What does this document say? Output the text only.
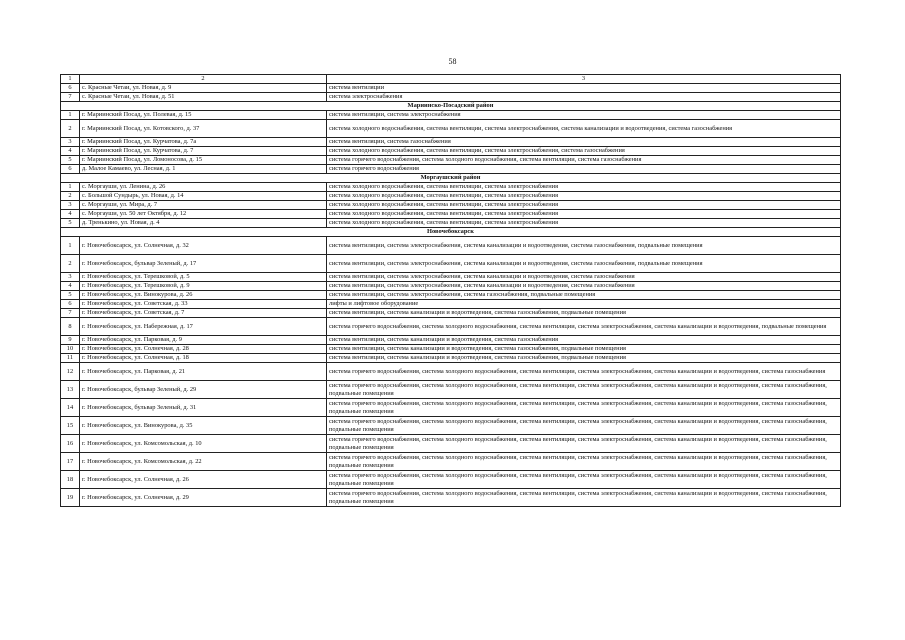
58
1	2	3
6	с. Красные Четаи, ул. Новая, д. 9	система вентиляции
7	с. Красные Четаи, ул. Новая, д. 51	система электроснабжения
Мариинско-Посадский район		
1	г. Мариинский Посад, ул. Полевая, д. 15	система вентиляции, система электроснабжения
2	г. Мариинский Посад, ул. Котовского, д. 37	система холодного водоснабжения, система вентиляции, система электроснабжения, система канализации и водоотведения, система газоснабжения
3	г. Мариинский Посад, ул. Курчатова, д. 7а	система вентиляции, система газоснабжения
4	г. Мариинский Посад, ул. Курчатова, д. 7	система холодного водоснабжения, система вентиляции, система электроснабжения, система газоснабжения
5	г. Мариинский Посад, ул. Ломоносова, д. 15	система горячего водоснабжения, система холодного водоснабжения, система вентиляции, система газоснабжения
6	д. Малое Камаево, ул. Лесная, д. 1	система горячего водоснабжения
Моргаушский район		
1	с. Моргауши, ул. Ленина, д. 26	система холодного водоснабжения, система вентиляции, система электроснабжения
2	с. Большой Сундырь, ул. Новая, д. 14	система холодного водоснабжения, система вентиляции, система электроснабжения
3	с. Моргауши, ул. Мира, д. 7	система холодного водоснабжения, система вентиляции, система электроснабжения
4	с. Моргауши, ул. 50 лет Октября, д. 12	система холодного водоснабжения, система вентиляции, система электроснабжения
5	д. Тренькино, ул. Новая, д. 4	система холодного водоснабжения, система вентиляции, система электроснабжения
Новочебоксарск		
1	г. Новочебоксарск, ул. Солнечная, д. 32	система вентиляции, система электроснабжения, система канализации и водоотведения, система газоснабжения, подвальные помещения
2	г. Новочебоксарск, бульвар Зеленый, д. 17	система вентиляции, система электроснабжения, система канализации и водоотведения, система газоснабжения, подвальные помещения
3	г. Новочебоксарск, ул. Терешковой, д. 5	система вентиляции, система электроснабжения, система канализации и водоотведения, система газоснабжения
4	г. Новочебоксарск, ул. Терешковой, д. 9	система вентиляции, система электроснабжения, система канализации и водоотведения, система газоснабжения
5	г. Новочебоксарск, ул. Винокурова, д. 26	система вентиляции, система электроснабжения, система газоснабжения, подвальные помещения
6	г. Новочебоксарск, ул. Советская, д. 33	лифты и лифтовое оборудование
7	г. Новочебоксарск, ул. Советская, д. 7	система вентиляции, система канализации и водоотведения, система газоснабжения, подвальные помещения
8	г. Новочебоксарск, ул. Набережная, д. 17	система горячего водоснабжения, система холодного водоснабжения, система вентиляции, система электроснабжения, система канализации и водоотведения, подвальные помещения
9	г. Новочебоксарск, ул. Парковая, д. 9	система вентиляции, система канализации и водоотведения, система газоснабжения
10	г. Новочебоксарск, ул. Солнечная, д. 28	система вентиляции, система канализации и водоотведения, система газоснабжения, подвальные помещения
11	г. Новочебоксарск, ул. Солнечная, д. 18	система вентиляции, система канализации и водоотведения, система газоснабжения, подвальные помещения
12	г. Новочебоксарск, ул. Парковая, д. 21	система горячего водоснабжения, система холодного водоснабжения, система вентиляции, система электроснабжения, система канализации и водоотведения, система газоснабжения
13	г. Новочебоксарск, бульвар Зеленый, д. 29	система горячего водоснабжения, система холодного водоснабжения, система вентиляции, система электроснабжения, система канализации и водоотведения, система газоснабжения, подвальные помещения
14	г. Новочебоксарск, бульвар Зеленый, д. 31	система горячего водоснабжения, система холодного водоснабжения, система вентиляции, система электроснабжения, система канализации и водоотведения, система газоснабжения, подвальные помещения
15	г. Новочебоксарск, ул. Винокурова, д. 35	система горячего водоснабжения, система холодного водоснабжения, система вентиляции, система электроснабжения, система канализации и водоотведения, система газоснабжения, подвальные помещения
16	г. Новочебоксарск, ул. Комсомольская, д. 10	система горячего водоснабжения, система холодного водоснабжения, система вентиляции, система электроснабжения, система канализации и водоотведения, система газоснабжения, подвальные помещения
17	г. Новочебоксарск, ул. Комсомольская, д. 22	система горячего водоснабжения, система холодного водоснабжения, система вентиляции, система электроснабжения, система канализации и водоотведения, система газоснабжения, подвальные помещения
18	г. Новочебоксарск, ул. Солнечная, д. 26	система горячего водоснабжения, система холодного водоснабжения, система вентиляции, система электроснабжения, система канализации и водоотведения, система газоснабжения, подвальные помещения
19	г. Новочебоксарск, ул. Солнечная, д. 29	система горячего водоснабжения, система холодного водоснабжения, система вентиляции, система электроснабжения, система канализации и водоотведения, система газоснабжения, подвальные помещения
